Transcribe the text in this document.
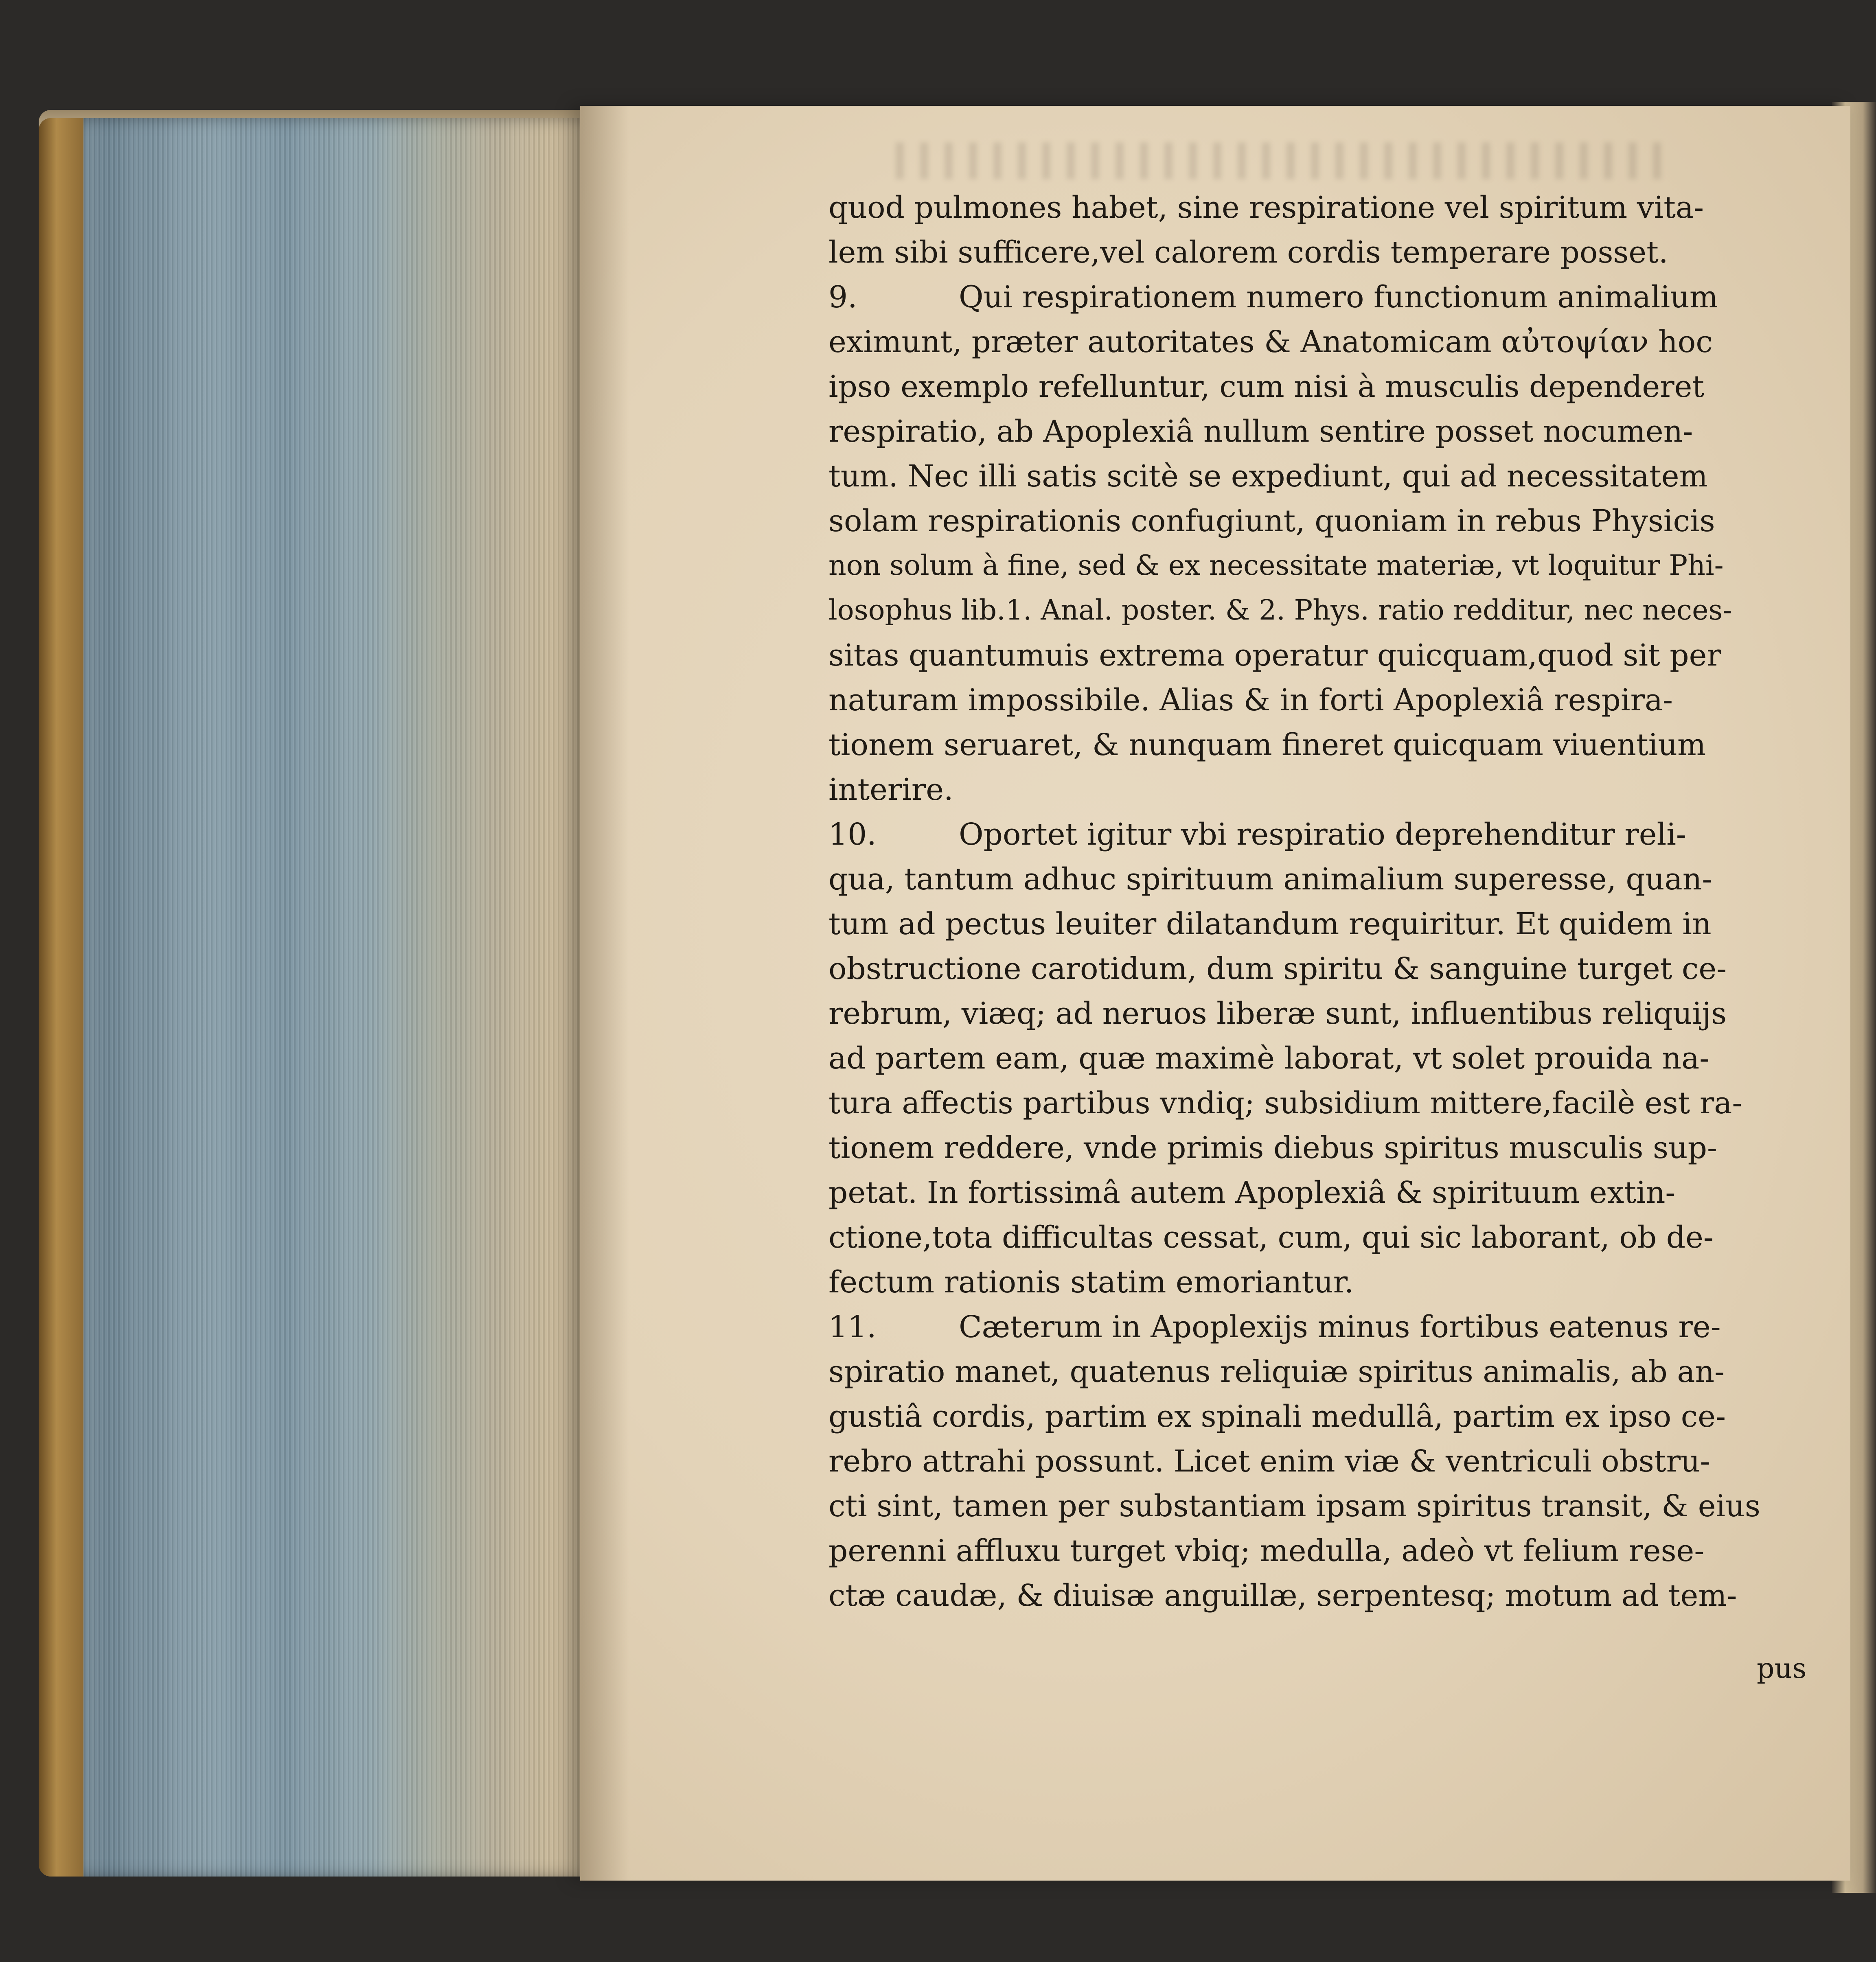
quod pulmones habet, sine respiratione vel spiritum vita-
lem sibi sufficere,vel calorem cordis temperare posset.
9.	Qui respirationem numero functionum animalium
eximunt, præter autoritates & Anatomicam αὐτοψίαν hoc
ipso exemplo refelluntur, cum nisi à musculis dependeret
respiratio, ab Apoplexiâ nullum sentire posset nocumen-
tum. Nec illi satis scitè se expediunt, qui ad necessitatem
solam respirationis confugiunt, quoniam in rebus Physicis
non solum à fine, sed & ex necessitate materiæ, vt loquitur Phi-
losophus lib.1. Anal. poster. & 2. Phys. ratio redditur, nec neces-
sitas quantumuis extrema operatur quicquam,quod sit per
naturam impossibile. Alias & in forti Apoplexiâ respira-
tionem seruaret, & nunquam fineret quicquam viuentium
interire.
10.	Oportet igitur vbi respiratio deprehenditur reli-
qua, tantum adhuc spirituum animalium superesse, quan-
tum ad pectus leuiter dilatandum requiritur. Et quidem in
obstructione carotidum, dum spiritu & sanguine turget ce-
rebrum, viæq; ad neruos liberæ sunt, influentibus reliquijs
ad partem eam, quæ maximè laborat, vt solet prouida na-
tura affectis partibus vndiq; subsidium mittere,facilè est ra-
tionem reddere, vnde primis diebus spiritus musculis sup-
petat. In fortissimâ autem Apoplexiâ & spirituum extin-
ctione,tota difficultas cessat, cum, qui sic laborant, ob de-
fectum rationis statim emoriantur.
11.	Cæterum in Apoplexijs minus fortibus eatenus re-
spiratio manet, quatenus reliquiæ spiritus animalis, ab an-
gustiâ cordis, partim ex spinali medullâ, partim ex ipso ce-
rebro attrahi possunt. Licet enim viæ & ventriculi obstru-
cti sint, tamen per substantiam ipsam spiritus transit, & eius
perenni affluxu turget vbiq; medulla, adeò vt felium rese-
ctæ caudæ, & diuisæ anguillæ, serpentesq; motum ad tem-
pus
